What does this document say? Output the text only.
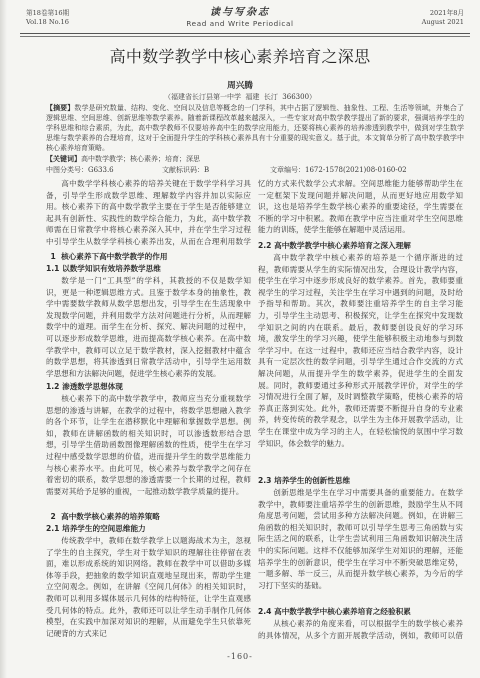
第18卷第16期
Vol.18 No.16
读与写杂志
Read and Write Periodical
2021年8月
August 2021
高中数学教学中核心素养培育之深思
周兴腾
（福建省长汀县第一中学  福建  长汀  366300）
【摘要】数学是研究数量、结构、变化、空间以及信息等概念的一门学科，其中占据了逻辑性、抽象性、工程、生活等领域，并集合了逻辑思维、空间思维、创新思维等数学素养。随着新课程改革越来越深入，一些专家对高中数学教学提出了新的要求，强调培养学生的学科思维和综合素质，为此，高中数学教师不仅要培养高中生的数学应用能力，还要将核心素养的培养渗透到教学中，做到对学生数学思维与数学素养的合理培育，这对于全面提升学生的学科核心素养具有十分重要的现实意义。基于此，本文简单分析了高中数学教学中核心素养培育策略。
【关键词】高中数学教学；核心素养；培育；深思
中图分类号：G633.6	文献标识码：B	文章编号：1672-1578(2021)08-0160-02
高中数学学科核心素养的培养关键在于数学学科学习具备，引导学生形成数学思维、理解数学内容并加以实际应用。核心素养下的高中数学教学主要在于学生是否能够建立起具有创新性、实践性的数学综合能力，为此，高中数学教师需在日常教学中将核心素养深入其中，并在学生学习过程中引导学生从数学学科核心素养出发，从而在合理利用数学
1  核心素养下高中数学教学的作用
1.1 以数学知识有效培养数学思维
数学是一门“工具型”的学科，其教授的不仅是数学知识，更是一种逻辑思维方式。且鉴于数学本身的抽象性，教学中需要数学教师从数学思想出发，引导学生在生活现象中发现数学问题，并利用数学方法对问题进行分析，从而理解数学中的道理。而学生在分析、探究、解决问题的过程中，可以逐步形成数学思维，进而提高数学核心素养。在高中数学教学中，教师可以立足于数学教材，深入挖掘教材中蕴含的数学思想，将其渗透到日常教学活动中，引导学生运用数学思想和方法解决问题，促进学生核心素养的发展。
1.2 渗透数学思想体现
核心素养下的高中数学教学中，教师应当充分重视数学思想的渗透与讲解，在教学的过程中，将数学思想融入教学的各个环节，让学生在潜移默化中理解和掌握数学思想。例如，教师在讲解函数的相关知识时，可以渗透数形结合思想，引导学生借助函数图像理解函数的性质，使学生在学习过程中感受数学思想的价值，进而提升学生的数学思维能力与核心素养水平。由此可见，核心素养与数学教学之间存在着密切的联系，数学思想的渗透需要一个长期的过程，教师需要对其给予足够的重视，一起推动数学教学质量的提升。
2  高中数学核心素养的培养策略
2.1 培养学生的空间思维能力
传统教学中，教师在数学教学上以题海战术为主，忽视了学生的自主探究，学生对于数学知识的理解往往停留在表面，难以形成系统的知识网络。教师在教学中可以借助多媒体等手段，把抽象的数学知识直观地呈现出来，帮助学生建立空间观念。例如，在讲解《空间几何体》的相关知识时，教师可以利用多媒体展示几何体的结构特征，让学生直观感受几何体的特点。此外，教师还可以让学生动手制作几何体模型，在实践中加深对知识的理解，从而避免学生只依靠死记硬背的方式来记
忆的方式来代数学公式求解。空间思维能力能够帮助学生在一定框架下发现问题并解决问题，从而更好地应用数学知识，这也是培养学生数学核心素养的重要途径，学生需要在不断的学习中积累。教师在教学中应当注重对学生空间思维能力的训练，使学生能够在解题中灵活运用。
2.2 高中数学教学中核心素养培育之深入理解
高中数学教学中核心素养的培养是一个循序渐进的过程，教师需要从学生的实际情况出发，合理设计教学内容，使学生在学习中逐步形成良好的数学素养。首先，教师要重视学生的学习过程，关注学生在学习中遇到的问题，及时给予指导和帮助。其次，教师要注重培养学生的自主学习能力，引导学生主动思考、积极探究，让学生在探究中发现数学知识之间的内在联系。最后，教师要创设良好的学习环境，激发学生的学习兴趣，使学生能够积极主动地参与到数学学习中。在这一过程中，教师还应当结合教学内容，设计具有一定层次性的数学问题，引导学生通过合作交流的方式解决问题，从而提升学生的数学素养，促进学生的全面发展。同时，教师要通过多种形式开展教学评价，对学生的学习情况进行全面了解，及时调整教学策略，使核心素养的培养真正落到实处。此外，教师还需要不断提升自身的专业素养，转变传统的教学观念，以学生为主体开展教学活动，让学生在课堂中成为学习的主人，在轻松愉悦的氛围中学习数学知识，体会数学的魅力。
2.3 培养学生的创新性思维
创新思维是学生在学习中需要具备的重要能力。在数学教学中，教师要注重培养学生的创新思维，鼓励学生从不同角度思考问题，尝试用多种方法解决问题。例如，在讲解三角函数的相关知识时，教师可以引导学生思考三角函数与实际生活之间的联系，让学生尝试利用三角函数知识解决生活中的实际问题。这样不仅能够加深学生对知识的理解，还能培养学生的创新意识，使学生在学习中不断突破思维定势，一题多解、举一反三，从而提升数学核心素养，为今后的学习打下坚实的基础。
2.4 高中数学教学中核心素养培育之经验积累
从核心素养的角度来看，可以根据学生的数学核心素养的具体情况，从多个方面开展教学活动，例如，教师可以借
-160-
